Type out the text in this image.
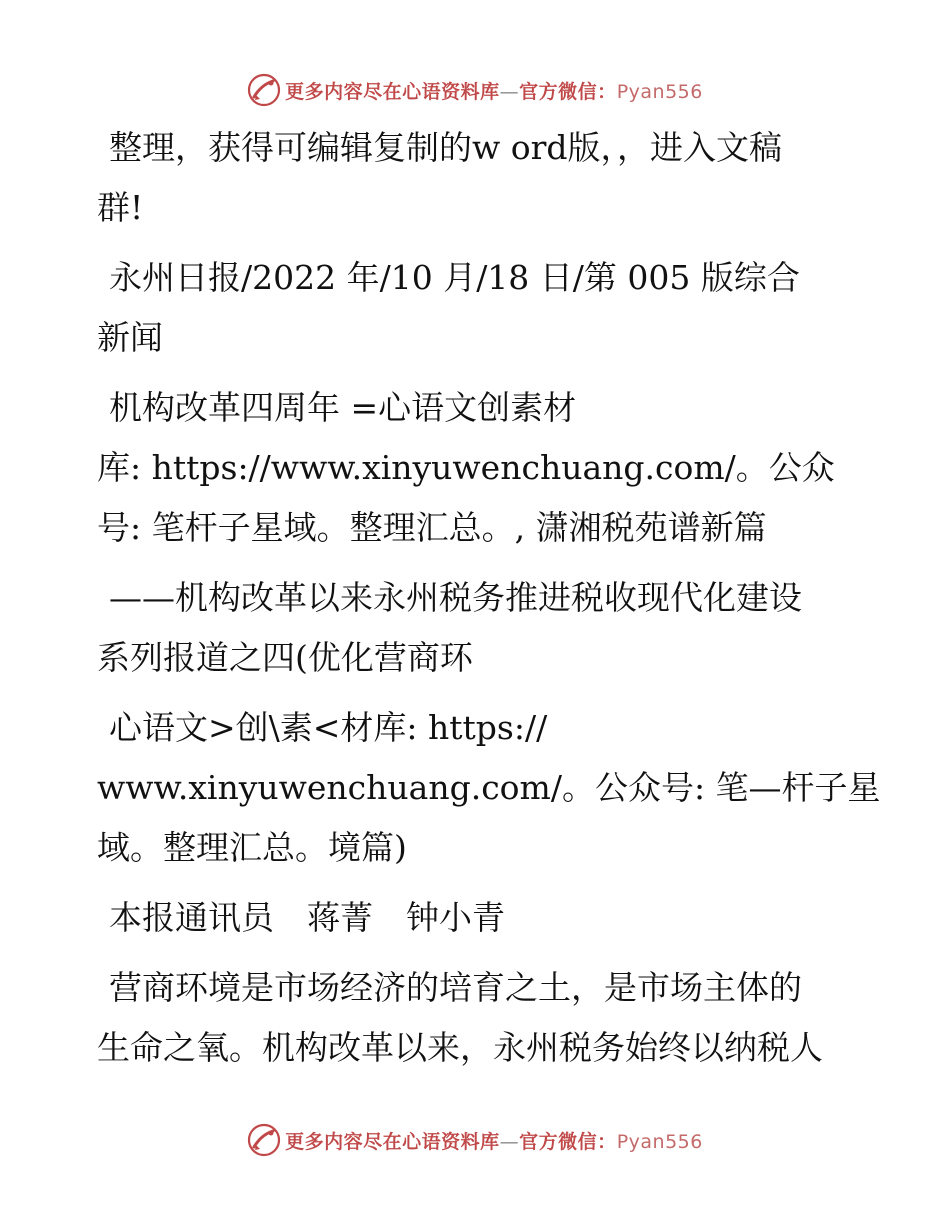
更多内容尽在心语资料库—官方微信：Pyan556
整理，获得可编辑复制的w ord版，，进入文稿
群!
永州日报/2022 年/10 月/18 日/第 005 版综合
新闻
机构改革四周年 =心语文创素材
库: https://www.xinyuwenchuang.com/。公众
号: 笔杆子星域。整理汇总。, 潇湘税苑谱新篇
——机构改革以来永州税务推进税收现代化建设
系列报道之四(优化营商环
心语文>创\素<材库: https://
www.xinyuwenchuang.com/。公众号: 笔—杆子星
域。整理汇总。境篇)
本报通讯员　蒋菁　钟小青
营商环境是市场经济的培育之土，是市场主体的
生命之氧。机构改革以来，永州税务始终以纳税人
更多内容尽在心语资料库—官方微信：Pyan556
